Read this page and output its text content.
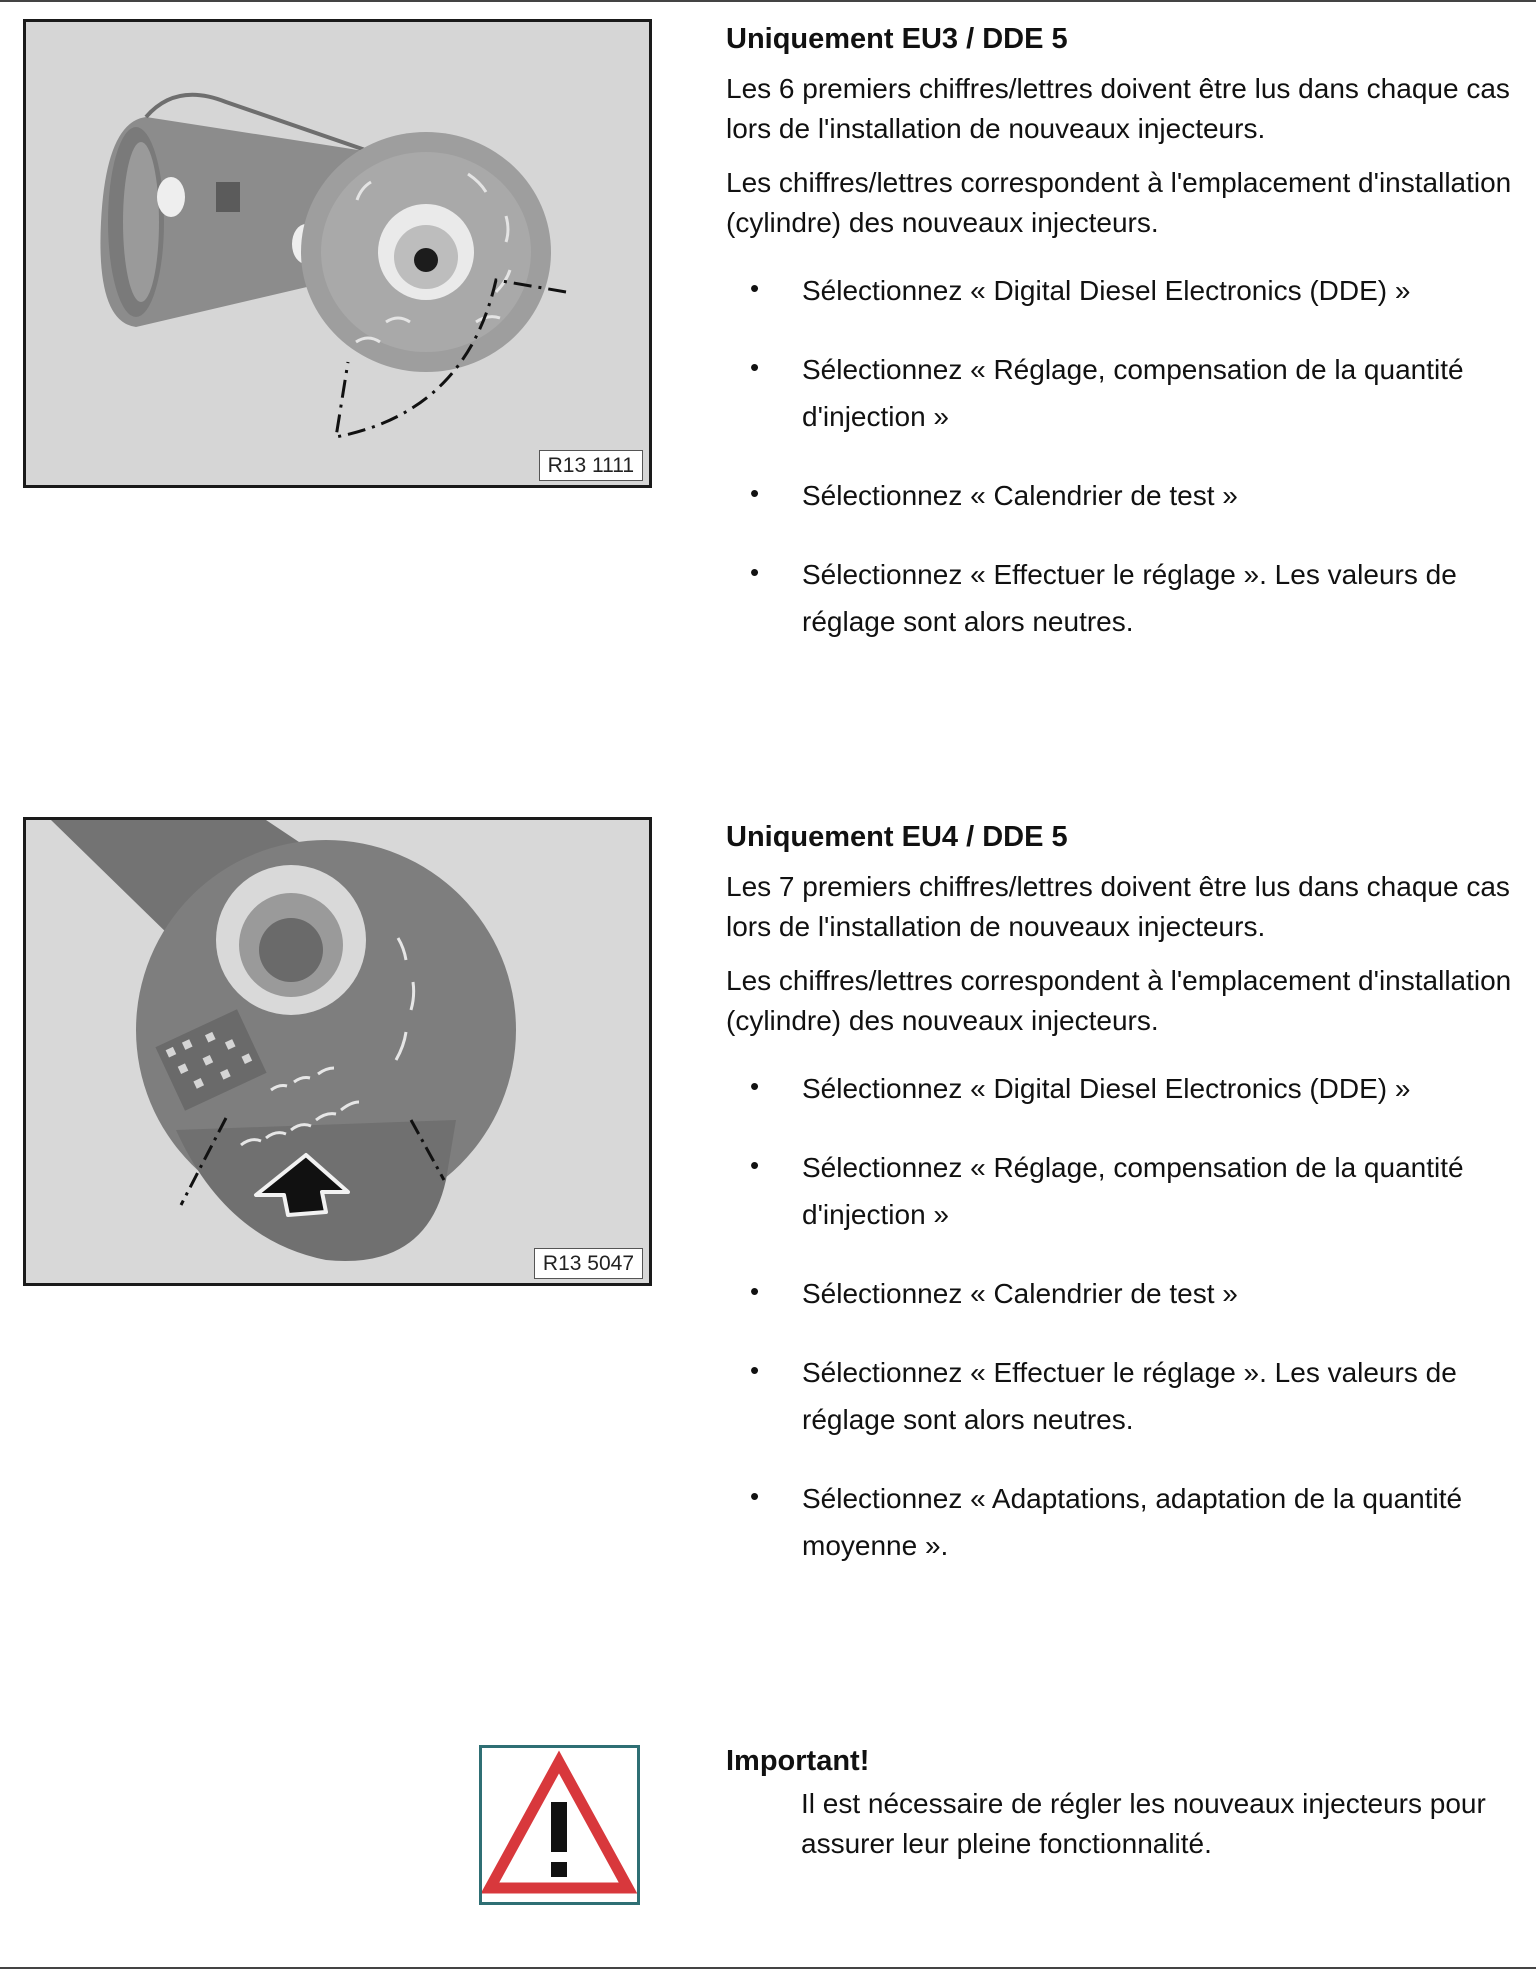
R13 1111
Uniquement EU3 / DDE 5

Les 6 premiers chiffres/lettres doivent être lus dans chaque cas lors de l'installation de nouveaux injecteurs.

Les chiffres/lettres correspondent à l'emplacement d'installation (cylindre) des nouveaux injecteurs.

• Sélectionnez « Digital Diesel Electronics (DDE) »
• Sélectionnez « Réglage, compensation de la quantité d'injection »
• Sélectionnez « Calendrier de test »
• Sélectionnez « Effectuer le réglage ». Les valeurs de réglage sont alors neutres.
R13 5047
Uniquement EU4 / DDE 5

Les 7 premiers chiffres/lettres doivent être lus dans chaque cas lors de l'installation de nouveaux injecteurs.

Les chiffres/lettres correspondent à l'emplacement d'installation (cylindre) des nouveaux injecteurs.

• Sélectionnez « Digital Diesel Electronics (DDE) »
• Sélectionnez « Réglage, compensation de la quantité d'injection »
• Sélectionnez « Calendrier de test »
• Sélectionnez « Effectuer le réglage ». Les valeurs de réglage sont alors neutres.
• Sélectionnez « Adaptations, adaptation de la quantité moyenne ».
Important!

Il est nécessaire de régler les nouveaux injecteurs pour assurer leur pleine fonctionnalité.
